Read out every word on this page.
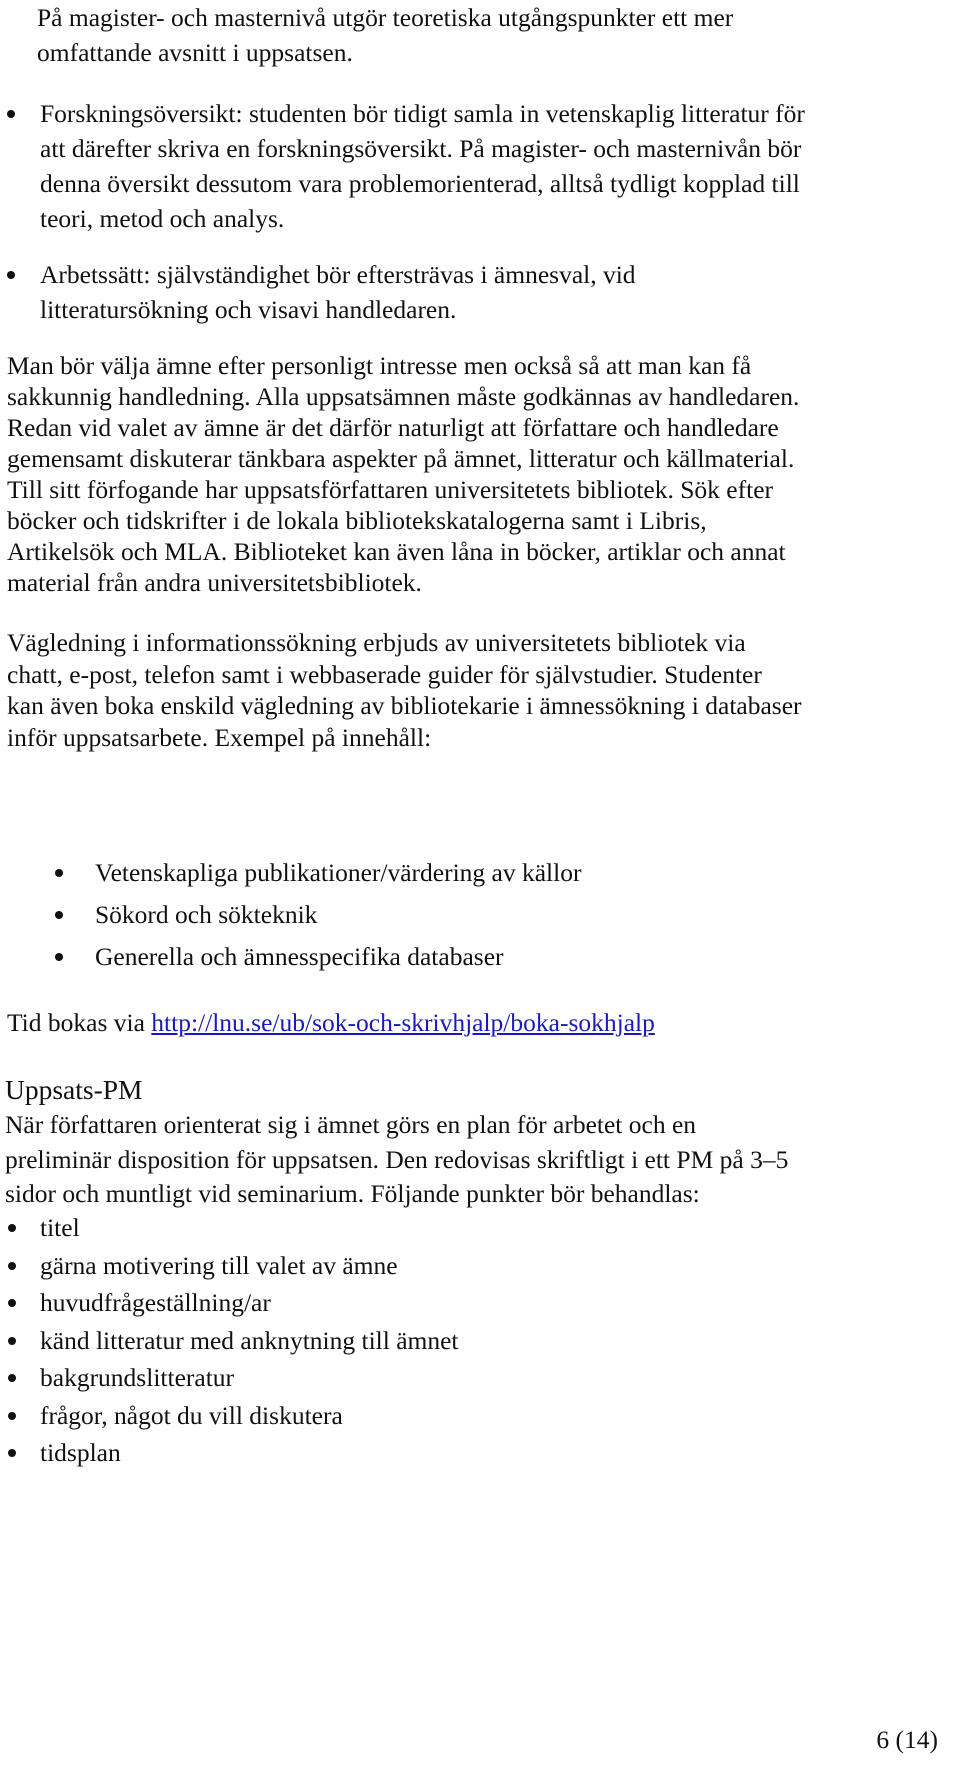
På magister- och masternivå utgör teoretiska utgångspunkter ett mer
omfattande avsnitt i uppsatsen.

Forskningsöversikt: studenten bör tidigt samla in vetenskaplig litteratur för
att därefter skriva en forskningsöversikt. På magister- och masternivån bör
denna översikt dessutom vara problemorienterad, alltså tydligt kopplad till
teori, metod och analys.
Arbetssätt: självständighet bör eftersträvas i ämnesval, vid
litteratursökning och visavi handledaren.

Man bör välja ämne efter personligt intresse men också så att man kan få
sakkunnig handledning. Alla uppsatsämnen måste godkännas av handledaren.
Redan vid valet av ämne är det därför naturligt att författare och handledare
gemensamt diskuterar tänkbara aspekter på ämnet, litteratur och källmaterial.
Till sitt förfogande har uppsatsförfattaren universitetets bibliotek. Sök efter
böcker och tidskrifter i de lokala bibliotekskatalogerna samt i Libris,
Artikelsök och MLA. Biblioteket kan även låna in böcker, artiklar och annat
material från andra universitetsbibliotek.

Vägledning i informationssökning erbjuds av universitetets bibliotek via
chatt, e-post, telefon samt i webbaserade guider för självstudier. Studenter
kan även boka enskild vägledning av bibliotekarie i ämnessökning i databaser
inför uppsatsarbete. Exempel på innehåll:

Vetenskapliga publikationer/värdering av källor
Sökord och sökteknik
Generella och ämnesspecifika databaser

Tid bokas via http://lnu.se/ub/sok-och-skrivhjalp/boka-sokhjalp

Uppsats-PM

När författaren orienterat sig i ämnet görs en plan för arbetet och en
preliminär disposition för uppsatsen. Den redovisas skriftligt i ett PM på 3–5
sidor och muntligt vid seminarium. Följande punkter bör behandlas:

titel
gärna motivering till valet av ämne
huvudfrågeställning/ar
känd litteratur med anknytning till ämnet
bakgrundslitteratur
frågor, något du vill diskutera
tidsplan
6 (14)
